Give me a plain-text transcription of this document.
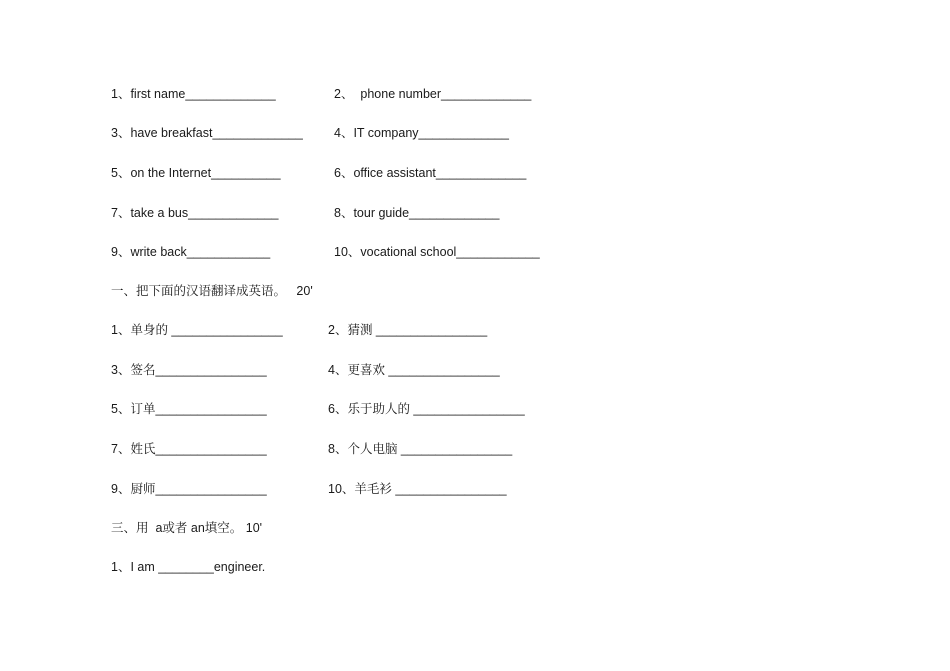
1、first name_____________	2、  phone number_____________
3、have breakfast_____________ 4、IT company_____________
5、on the Internet__________	6、office assistant_____________
7、take a bus_____________	8、tour guide_____________
9、write back____________	10、vocational school____________
一、把下面的汉语翻译成英语。   20'
1、单身的 ________________	2、猜测 ________________
3、签名________________	4、更喜欢 ________________
5、订单________________	6、乐于助人的 ________________
7、姓氏________________	8、个人电脑 ________________
9、厨师________________	10、羊毛衫 ________________
三、用  a或者 an填空。 10'
1、I am ________engineer.
